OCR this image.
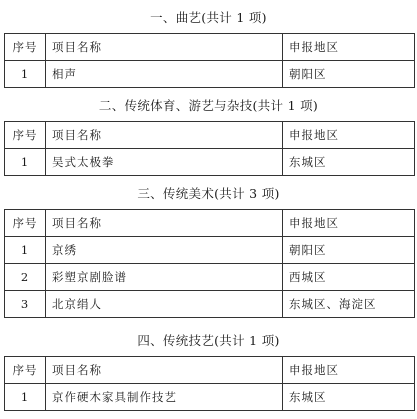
一、曲艺(共计 1 项)
序号	项目名称	申报地区
1	相声	朝阳区
二、传统体育、游艺与杂技(共计 1 项)
序号	项目名称	申报地区
1	吴式太极拳	东城区
三、传统美术(共计 3 项)
序号	项目名称	申报地区
1	京绣	朝阳区
2	彩塑京剧脸谱	西城区
3	北京绢人	东城区、海淀区
四、传统技艺(共计 1 项)
序号	项目名称	申报地区
1	京作硬木家具制作技艺	东城区
